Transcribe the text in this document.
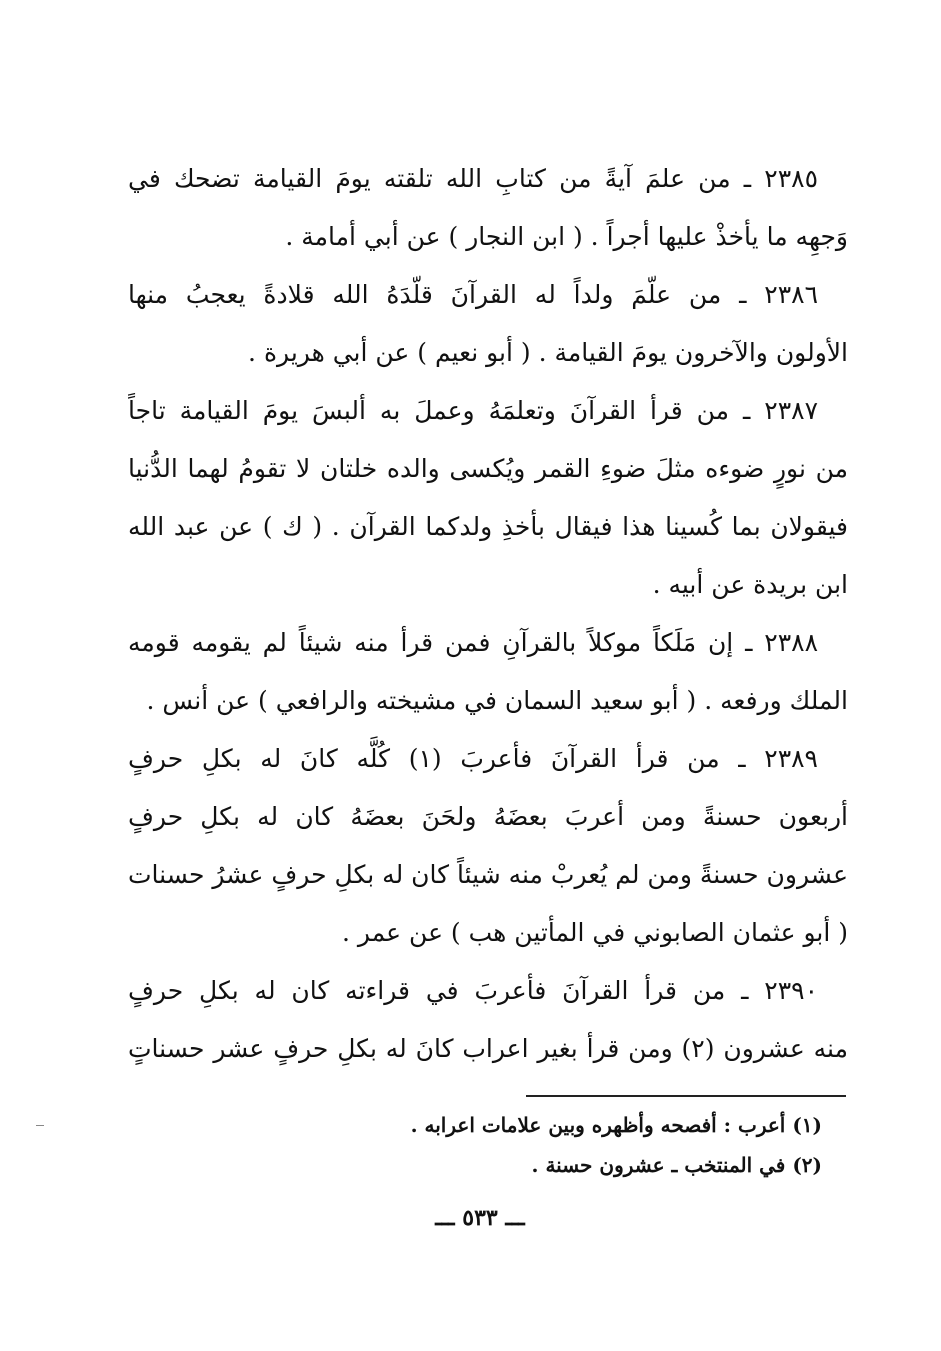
٢٣٨٥ ـ من علمَ آيةً من كتابِ الله تلقته يومَ القيامة تضحك في
وَجهِه ما يأخذْ عليها أجراً . ( ابن النجار ) عن أبي أمامة .
٢٣٨٦ ـ من علّمَ ولداً له القرآنَ قلّدَهُ الله قلادةً يعجبُ منها
الأولون والآخرون يومَ القيامة . ( أبو نعيم ) عن أبي هريرة .
٢٣٨٧ ـ من قرأ القرآنَ وتعلمَهُ وعملَ به ألبسَ يومَ القيامة تاجاً
من نورٍ ضوءه مثلَ ضوءِ القمر ويُكسى والده خلتان لا تقومُ لهما الدُّنيا
فيقولان بما كُسينا هذا فيقال بأخذِ ولدكما القرآن . ( ك ) عن عبد الله
ابن بريدة عن أبيه .
٢٣٨٨ ـ إن مَلَكاً موكلاً بالقرآنِ فمن قرأ منه شيئاً لم يقومه قومه
الملك ورفعه . ( أبو سعيد السمان في مشيخته والرافعي ) عن أنس .
٢٣٨٩ ـ من قرأ القرآنَ فأعربَ (١) كُلَّه كانَ له بكلِ حرفٍ
أربعون حسنةً ومن أعربَ بعضَهُ ولحَنَ بعضَهُ كان له بكلِ حرفٍ
عشرون حسنةً ومن لم يُعربْ منه شيئاً كان له بكلِ حرفٍ عشرُ حسنات
( أبو عثمان الصابوني في المأتين هب ) عن عمر .
٢٣٩٠ ـ من قرأ القرآنَ فأعربَ في قراءته كان له بكلِ حرفٍ
منه عشرون (٢) ومن قرأ بغير اعراب كانَ له بكلِ حرفٍ عشر حسناتٍ
(١) أعرب : أفصحه وأظهره وبين علامات اعرابه .
(٢) في المنتخب ـ عشرون حسنة .
ـــ ٥٣٣ ـــ
